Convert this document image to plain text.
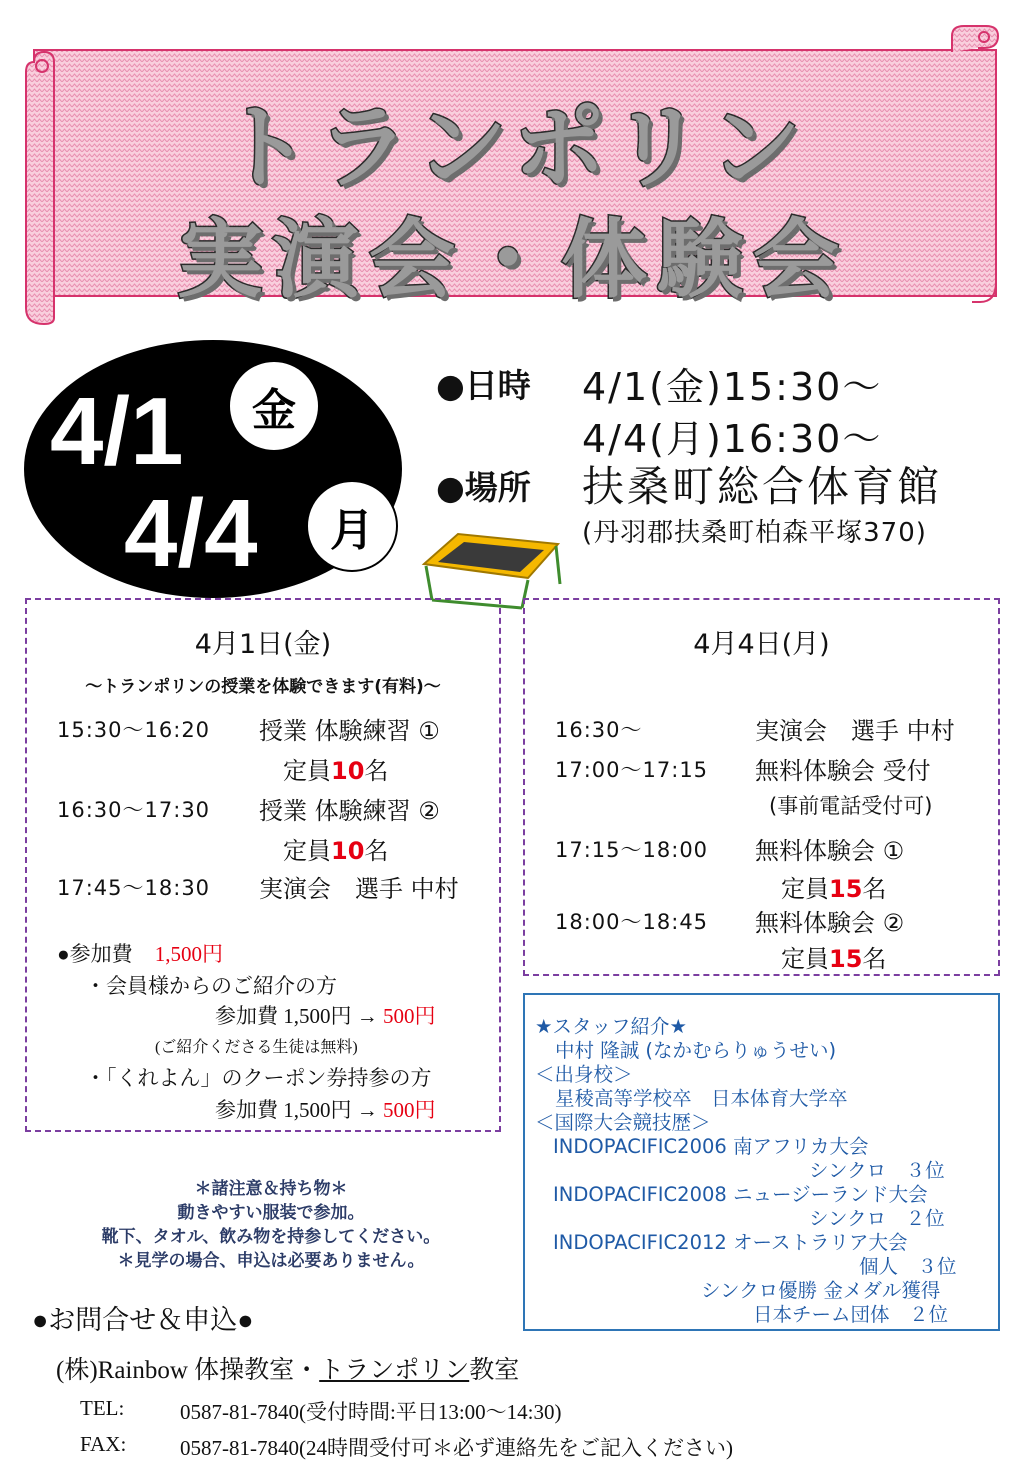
トランポリン
実演会・体験会
4/1	金
4/4	月
●日時 4/1(金)15:30～
4/4(月)16:30～
●場所 扶桑町総合体育館
(丹羽郡扶桑町柏森平塚370)
4月1日(金)
～トランポリンの授業を体験できます(有料)～
15:30～16:20 授業 体験練習 ①
定員10名
16:30～17:30 授業 体験練習 ②
定員10名
17:45～18:30 実演会　選手 中村
●参加費 1,500円
・会員様からのご紹介の方
参加費 1,500円 → 500円
(ご紹介くださる生徒は無料)
・「くれよん」のクーポン券持参の方
参加費 1,500円 → 500円
4月4日(月)
16:30～	実演会　選手 中村
17:00～17:15 無料体験会 受付
(事前電話受付可)
17:15～18:00 無料体験会 ①
定員15名
18:00～18:45 無料体験会 ②
定員15名
★スタッフ紹介★
中村 隆誠 (なかむらりゅうせい)
＜出身校＞
星稜高等学校卒　日本体育大学卒
＜国際大会競技歴＞
INDOPACIFIC2006 南アフリカ大会
シンクロ　３位
INDOPACIFIC2008 ニュージーランド大会
シンクロ　２位
INDOPACIFIC2012 オーストラリア大会
個人　３位
シンクロ優勝 金メダル獲得
日本チーム団体　２位
＊諸注意＆持ち物＊
動きやすい服装で参加。
靴下、タオル、飲み物を持参してください。
＊見学の場合、申込は必要ありません。
●お問合せ＆申込●
(株)Rainbow 体操教室・トランポリン教室
TEL:	0587-81-7840(受付時間:平日13:00～14:30)
FAX:	0587-81-7840(24時間受付可＊必ず連絡先をご記入ください)
